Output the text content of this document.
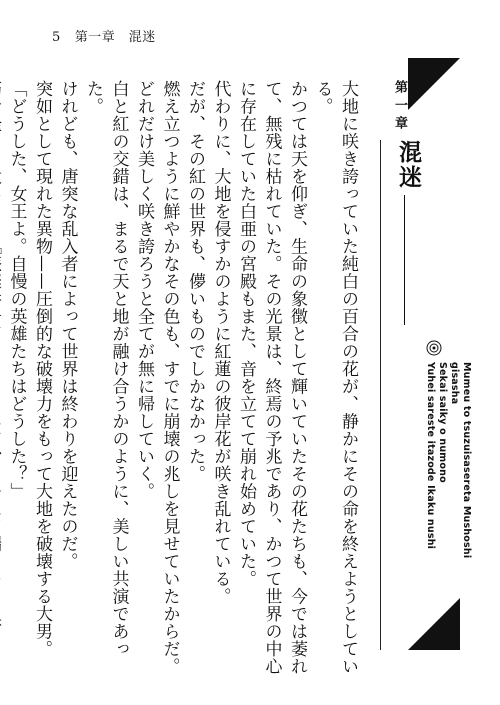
5 第一章　混迷

大地に咲き誇っていた純白の百合の花が、静かにその命を終えようとしている。

かつては天を仰ぎ、生命の象徴として輝いていたその花たちも、今では萎れて、無残に枯れていた。その光景は、終焉の予兆であり、かつて世界の中心に存在していた白亜の宮殿もまた、音を立てて崩れ始めていた。

代わりに、大地を侵すかのように紅蓮の彼岸花が咲き乱れている。

だが、その紅の世界も、儚いものでしかなかった。

燃え立つように鮮やかなその色も、すでに崩壊の兆しを見せていたからだ。

どれだけ美しく咲き誇ろうと全てが無に帰していく。

白と紅の交錯は、まるで天と地が融け合うかのように、美しい共演であった。

けれども、唐突な乱入者によって世界は終わりを迎えたのだ。

突如として現れた異物——圧倒的な破壊力をもって大地を破壊する大男。

「どうした、女王よ。自慢の英雄たちはどうした？」	第一章
混迷
Mumeu to tsuzuisasereta Mushoshi gisasha
Sekai saiky o numono
Yuhei sareste itazode Ikaku nushi
